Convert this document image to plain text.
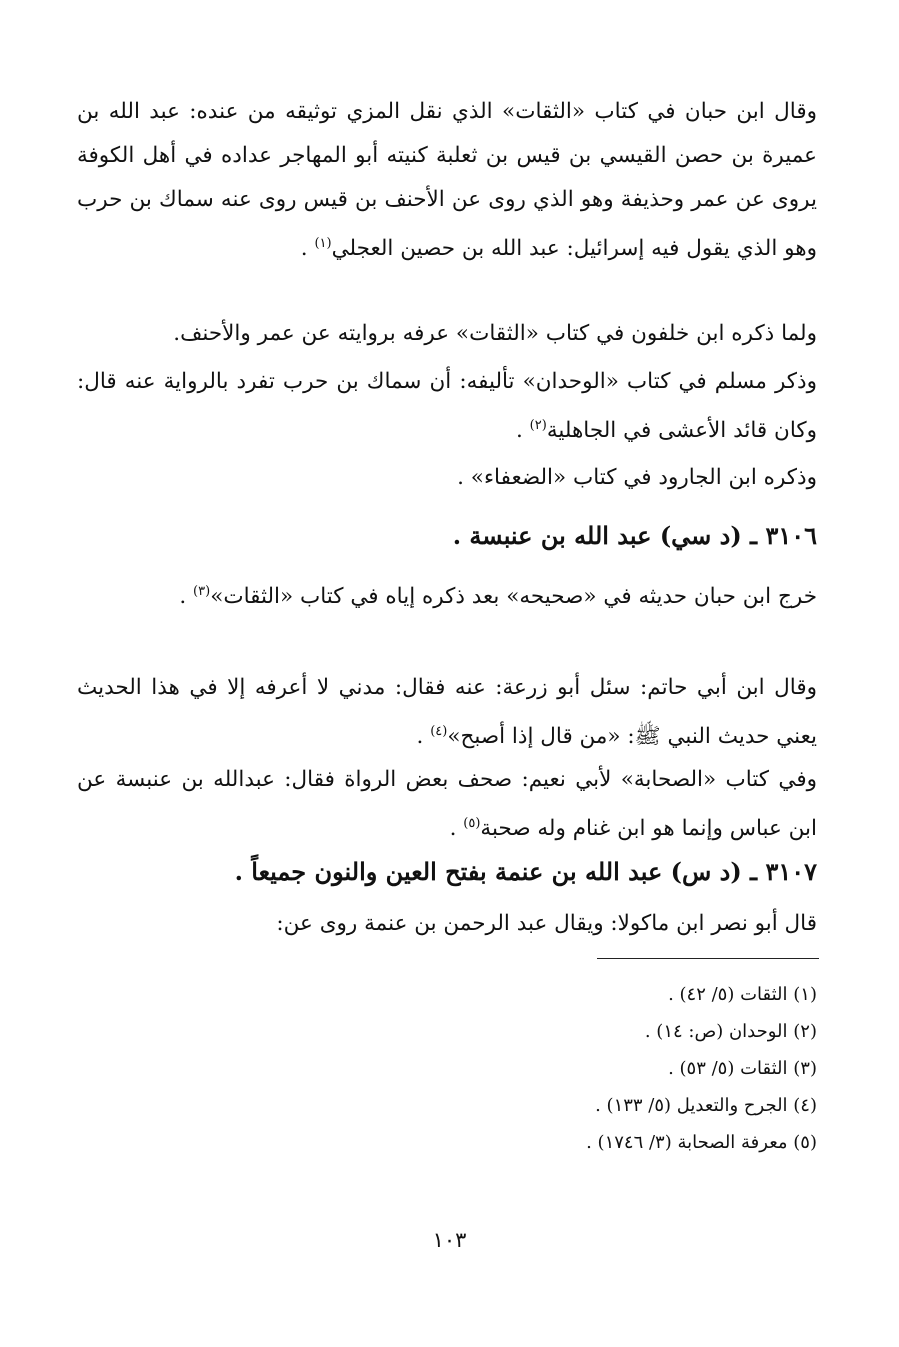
وقال ابن حبان في كتاب «الثقات» الذي نقل المزي توثيقه من عنده: عبد الله بن عميرة بن حصن القيسي بن قيس بن ثعلبة كنيته أبو المهاجر عداده في أهل الكوفة يروى عن عمر وحذيفة وهو الذي روى عن الأحنف بن قيس روى عنه سماك بن حرب وهو الذي يقول فيه إسرائيل: عبد الله بن حصين العجلي$^{(١)}$ .

ولما ذكره ابن خلفون في كتاب «الثقات» عرفه بروايته عن عمر والأحنف.

وذكر مسلم في كتاب «الوحدان» تأليفه: أن سماك بن حرب تفرد بالرواية عنه قال: وكان قائد الأعشى في الجاهلية$^{(٢)}$ .

وذكره ابن الجارود في كتاب «الضعفاء» .

٣١٠٦ ـ (د سي) عبد الله بن عنبسة .

خرج ابن حبان حديثه في «صحيحه» بعد ذكره إياه في كتاب «الثقات»$^{(٣)}$ .

وقال ابن أبي حاتم: سئل أبو زرعة: عنه فقال: مدني لا أعرفه إلا في هذا الحديث يعني حديث النبي ﷺ: «من قال إذا أصبح»$^{(٤)}$ .

وفي كتاب «الصحابة» لأبي نعيم: صحف بعض الرواة فقال: عبدالله بن عنبسة عن ابن عباس وإنما هو ابن غنام وله صحبة$^{(٥)}$ .

٣١٠٧ ـ (د س) عبد الله بن عنمة بفتح العين والنون جميعاً .

قال أبو نصر ابن ماكولا: ويقال عبد الرحمن بن عنمة روى عن:

(١) الثقات (٥/ ٤٢) .

(٢) الوحدان (ص: ١٤) .

(٣) الثقات (٥/ ٥٣) .

(٤) الجرح والتعديل (٥/ ١٣٣) .

(٥) معرفة الصحابة (٣/ ١٧٤٦) .

١٠٣
